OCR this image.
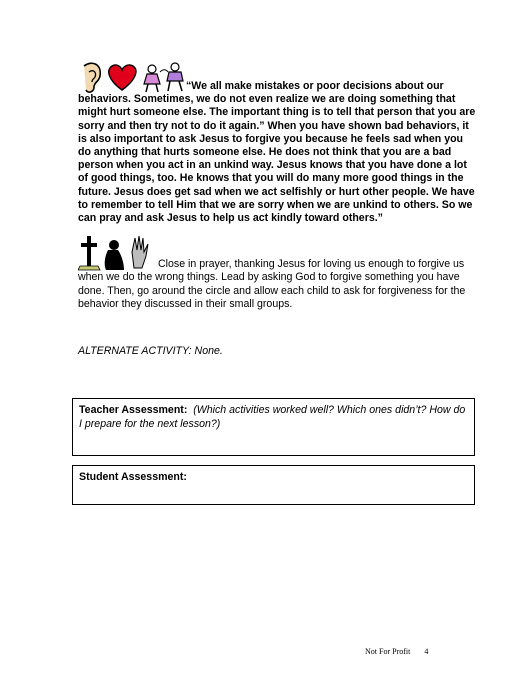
“We all make mistakes or poor decisions about our behaviors. Sometimes, we do not even realize we are doing something that might hurt someone else. The important thing is to tell that person that you are sorry and then try not to do it again.” When you have shown bad behaviors, it is also important to ask Jesus to forgive you because he feels sad when you do anything that hurts someone else. He does not think that you are a bad person when you act in an unkind way. Jesus knows that you have done a lot of good things, too. He knows that you will do many more good things in the future. Jesus does get sad when we act selfishly or hurt other people. We have to remember to tell Him that we are sorry when we are unkind to others. So we can pray and ask Jesus to help us act kindly toward others.”
Close in prayer, thanking Jesus for loving us enough to forgive us when we do the wrong things. Lead by asking God to forgive something you have done. Then, go around the circle and allow each child to ask for forgiveness for the behavior they discussed in their small groups.
ALTERNATE ACTIVITY: None.
Teacher Assessment: (Which activities worked well? Which ones didn’t? How do I prepare for the next lesson?)
Student Assessment:
Not For Profit 4
